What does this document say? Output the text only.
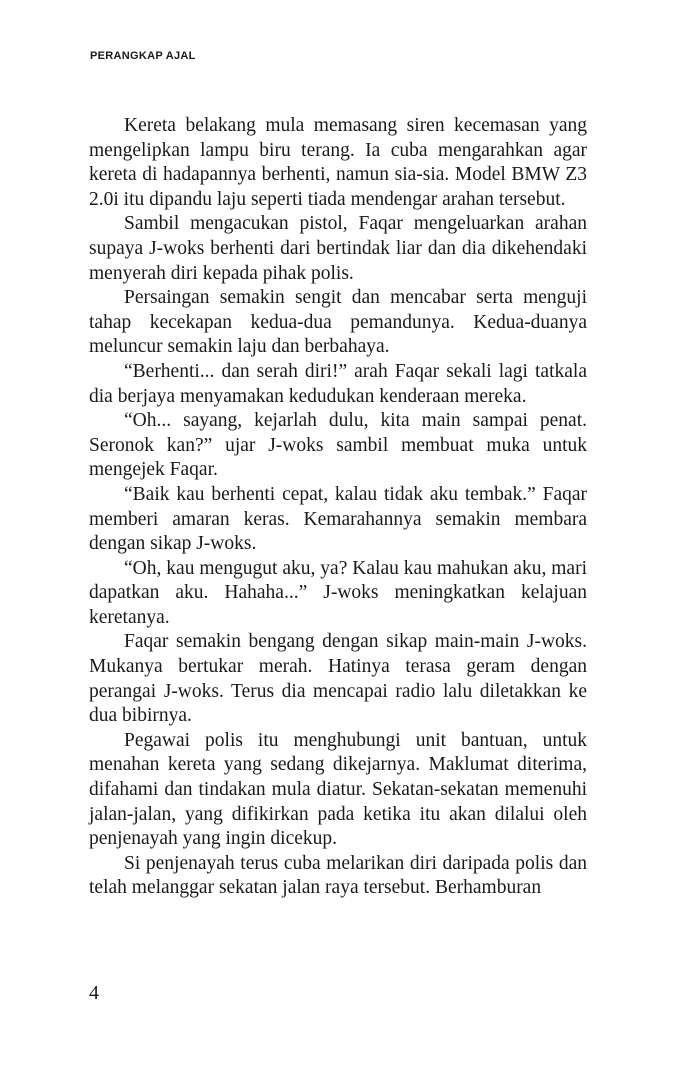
PERANGKAP AJAL

Kereta belakang mula memasang siren kecemasan yang mengelipkan lampu biru terang. Ia cuba mengarahkan agar kereta di hadapannya berhenti, namun sia-sia. Model BMW Z3 2.0i itu dipandu laju seperti tiada mendengar arahan tersebut.

Sambil mengacukan pistol, Faqar mengeluarkan arahan supaya J-woks berhenti dari bertindak liar dan dia dikehendaki menyerah diri kepada pihak polis.

Persaingan semakin sengit dan mencabar serta menguji tahap kecekapan kedua-dua pemandunya. Kedua-duanya meluncur semakin laju dan berbahaya.

“Berhenti... dan serah diri!” arah Faqar sekali lagi tatkala dia berjaya menyamakan kedudukan kenderaan mereka.

“Oh... sayang, kejarlah dulu, kita main sampai penat. Seronok kan?” ujar J-woks sambil membuat muka untuk mengejek Faqar.

“Baik kau berhenti cepat, kalau tidak aku tembak.” Faqar memberi amaran keras. Kemarahannya semakin membara dengan sikap J-woks.

“Oh, kau mengugut aku, ya? Kalau kau mahukan aku, mari dapatkan aku. Hahaha...” J-woks meningkatkan kelajuan keretanya.

Faqar semakin bengang dengan sikap main-main J-woks. Mukanya bertukar merah. Hatinya terasa geram dengan perangai J-woks. Terus dia mencapai radio lalu diletakkan ke dua bibirnya.

Pegawai polis itu menghubungi unit bantuan, untuk menahan kereta yang sedang dikejarnya. Maklumat diterima, difahami dan tindakan mula diatur. Sekatan-sekatan memenuhi jalan-jalan, yang difikirkan pada ketika itu akan dilalui oleh penjenayah yang ingin dicekup.

Si penjenayah terus cuba melarikan diri daripada polis dan telah melanggar sekatan jalan raya tersebut. Berhamburan

4
